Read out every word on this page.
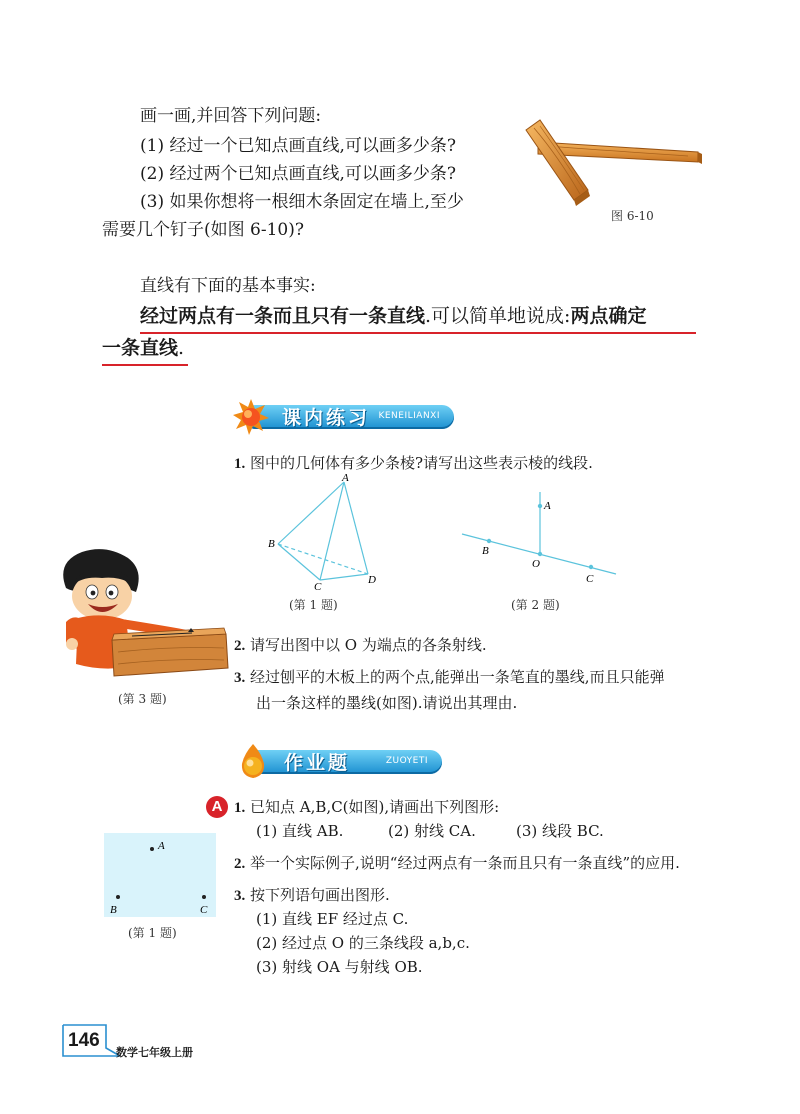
画一画,并回答下列问题:
(1) 经过一个已知点画直线,可以画多少条?
(2) 经过两个已知点画直线,可以画多少条?
(3) 如果你想将一根细木条固定在墙上,至少
需要几个钉子(如图 6-10)?
图 6-10
直线有下面的基本事实:
经过两点有一条而且只有一条直线.可以简单地说成:两点确定
一条直线.
课内练习 KENEILIANXI
1. 图中的几何体有多少条棱?请写出这些表示棱的线段.
A
B
C
D
(第 1 题)
A
B
O
C
(第 2 题)
(第 3 题)
2. 请写出图中以 O 为端点的各条射线.
3. 经过刨平的木板上的两个点,能弹出一条笔直的墨线,而且只能弹
出一条这样的墨线(如图).请说出其理由.
作业题	ZUOYETI
A 1. 已知点 A,B,C(如图),请画出下列图形:
(1) 直线 AB.	(2) 射线 CA.	(3) 线段 BC.
A
B	C
(第 1 题)
2. 举一个实际例子,说明“经过两点有一条而且只有一条直线”的应用.
3. 按下列语句画出图形.
(1) 直线 EF 经过点 C.
(2) 经过点 O 的三条线段 a,b,c.
(3) 射线 OA 与射线 OB.
146
数学七年级上册
